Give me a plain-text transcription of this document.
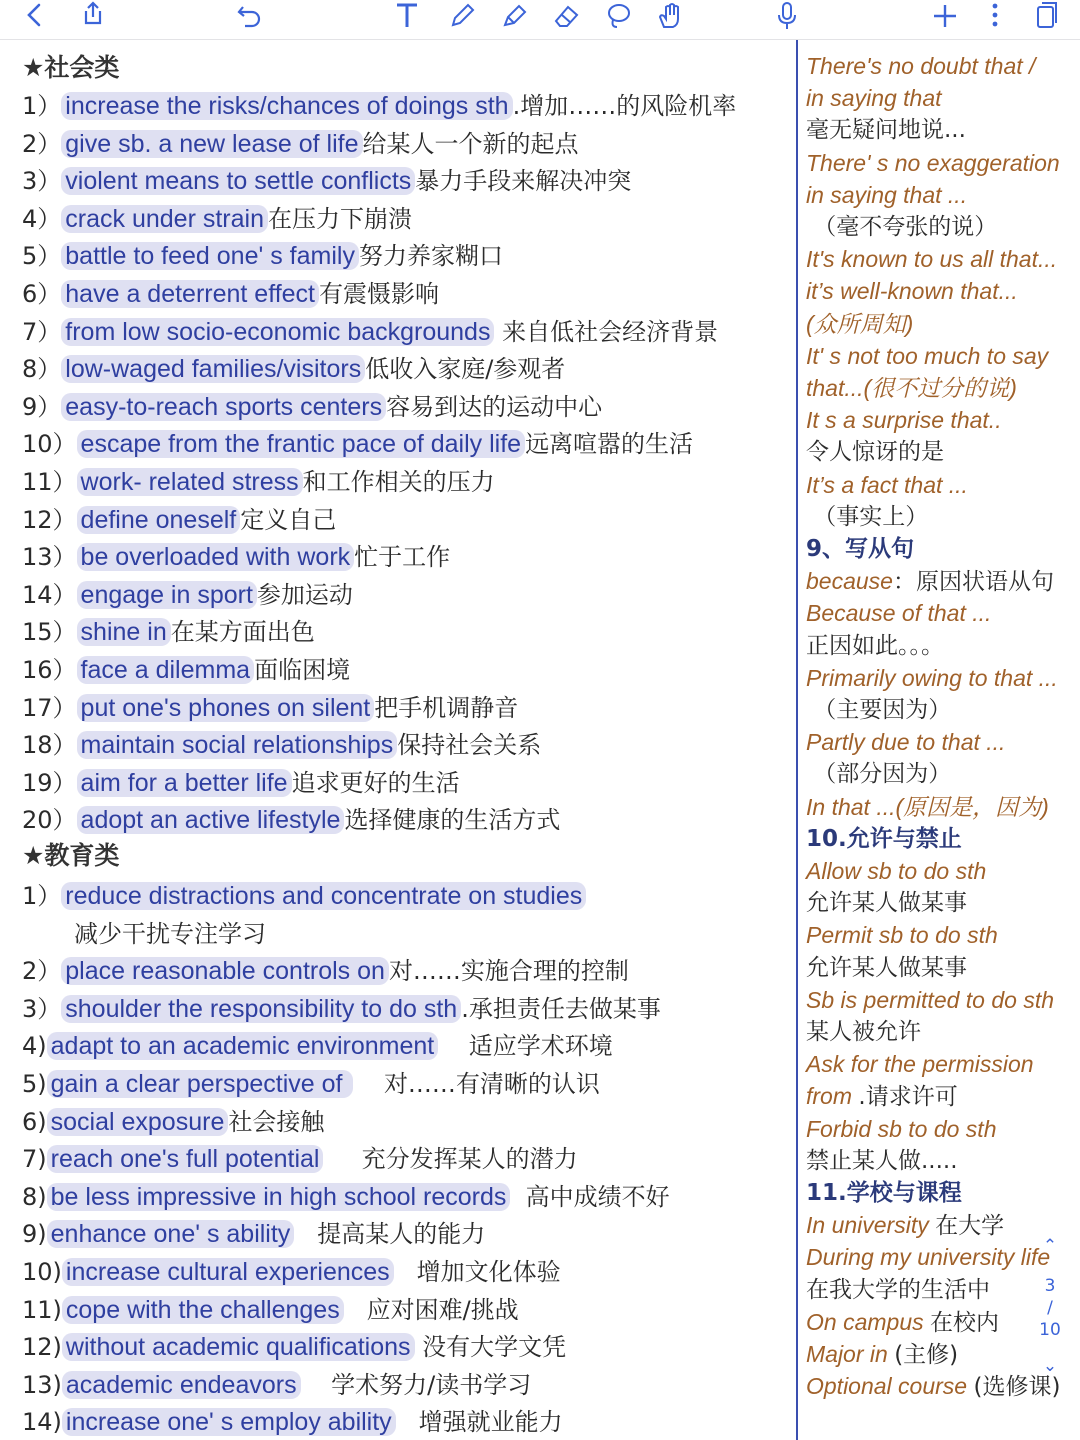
★社会类
1） increase the risks/chances of doings sth .增加……的风险机率
2） give sb. a new lease of life 给某人一个新的起点
3） violent means to settle conflicts 暴力手段来解决冲突
4） crack under strain 在压力下崩溃
5） battle to feed one' s family 努力养家糊口
6） have a deterrent effect 有震慑影响
7） from low socio-economic backgrounds 来自低社会经济背景
8） low-waged families/visitors 低收入家庭/参观者
9） easy-to-reach sports centers 容易到达的运动中心
10） escape from the frantic pace of daily life 远离喧嚣的生活
11） work- related stress 和工作相关的压力
12） define oneself 定义自己
13） be overloaded with work 忙于工作
14） engage in sport 参加运动
15） shine in 在某方面出色
16） face a dilemma 面临困境
17） put one's phones on silent 把手机调静音
18） maintain social relationships 保持社会关系
19） aim for a better life 追求更好的生活
20） adopt an active lifestyle 选择健康的生活方式
★教育类
1） reduce distractions and concentrate on studies
减少干扰专注学习
2） place reasonable controls on 对……实施合理的控制
3） shoulder the responsibility to do sth .承担责任去做某事
4)adapt to an academic environment    适应学术环境
5)gain a clear perspective of     对……有清晰的认识
6)social exposure 社会接触
7)reach one's full potential     充分发挥某人的潜力
8) be less impressive in high school records  高中成绩不好
9)enhance one' s ability   提高某人的能力
10)increase cultural experiences   增加文化体验
11)cope with the challenges   应对困难/挑战
12) without academic qualifications 没有大学文凭
13) academic endeavors    学术努力/读书学习
14)increase one' s employ ability   增强就业能力
There's no doubt that /
in saying that
毫无疑问地说...
There' s no exaggeration
in saying that ...
（毫不夸张的说）
It's known to us all that...
it’s well-known that...
(众所周知)
It' s not too much to say
that...(很不过分的说)
It s a surprise that..
令人惊讶的是
It’s a fact that ...
（事实上）
9、写从句
because：原因状语从句
Because of that ...
正因如此。。。
Primarily owing to that ...
（主要因为）
Partly due to that ...
（部分因为）
In that ...(原因是，因为)
10.允许与禁止
Allow sb to do sth
允许某人做某事
Permit sb to do sth
允许某人做某事
Sb is permitted to do sth
某人被允许
Ask for the permission
from .请求许可
Forbid sb to do sth
禁止某人做.....
11.学校与课程
In university 在大学
During my university life
在我大学的生活中
On campus 在校内
Major in (主修)
Optional course (选修课)
⌃
3
/
10
⌄
